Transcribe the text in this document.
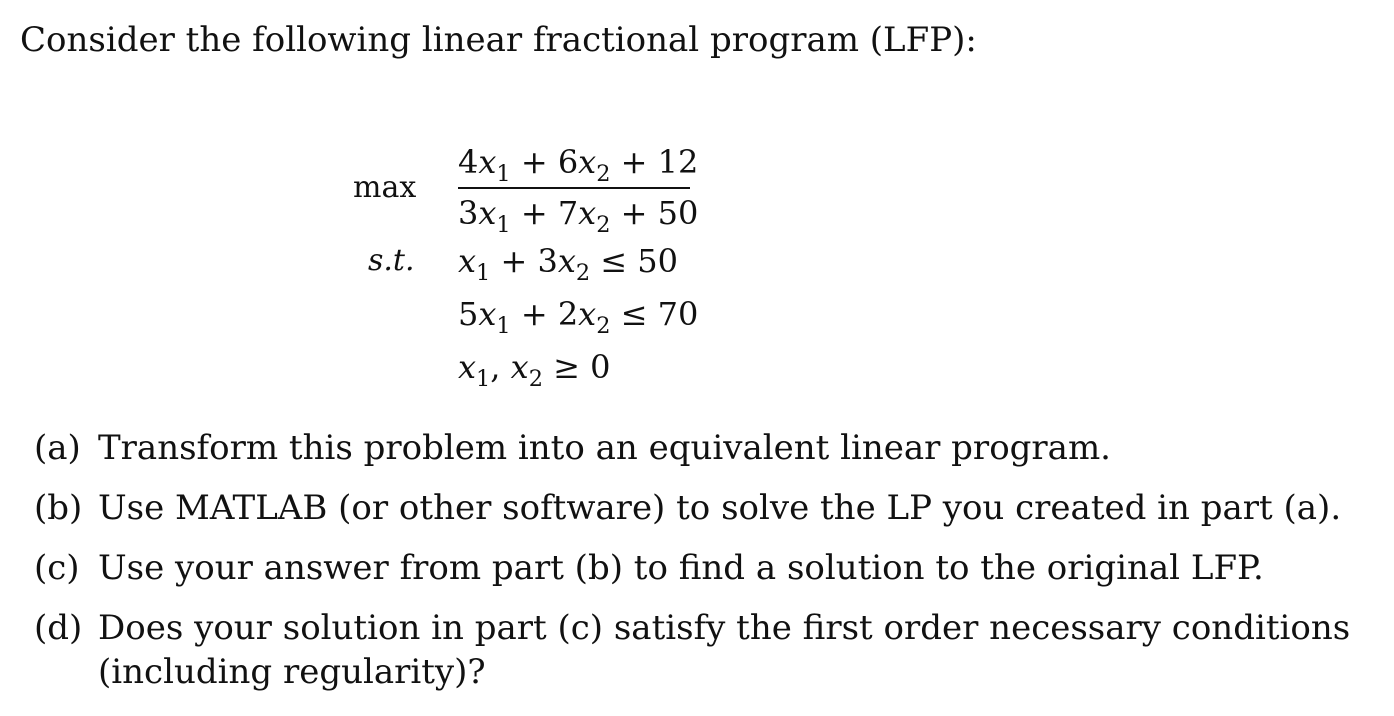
Consider the following linear fractional program (LFP):
max
$4x_1 + 6x_2 + 12$
$3x_1 + 7x_2 + 50$
s.t. $x_1 + 3x_2 \le 50$
$5x_1 + 2x_2 \le 70$
$x_1$, $x_2 \ge 0$
(a) Transform this problem into an equivalent linear program.
(b) Use MATLAB (or other software) to solve the LP you created in part (a).
(c) Use your answer from part (b) to find a solution to the original LFP.
(d) Does your solution in part (c) satisfy the first order necessary conditions (including regularity)?
